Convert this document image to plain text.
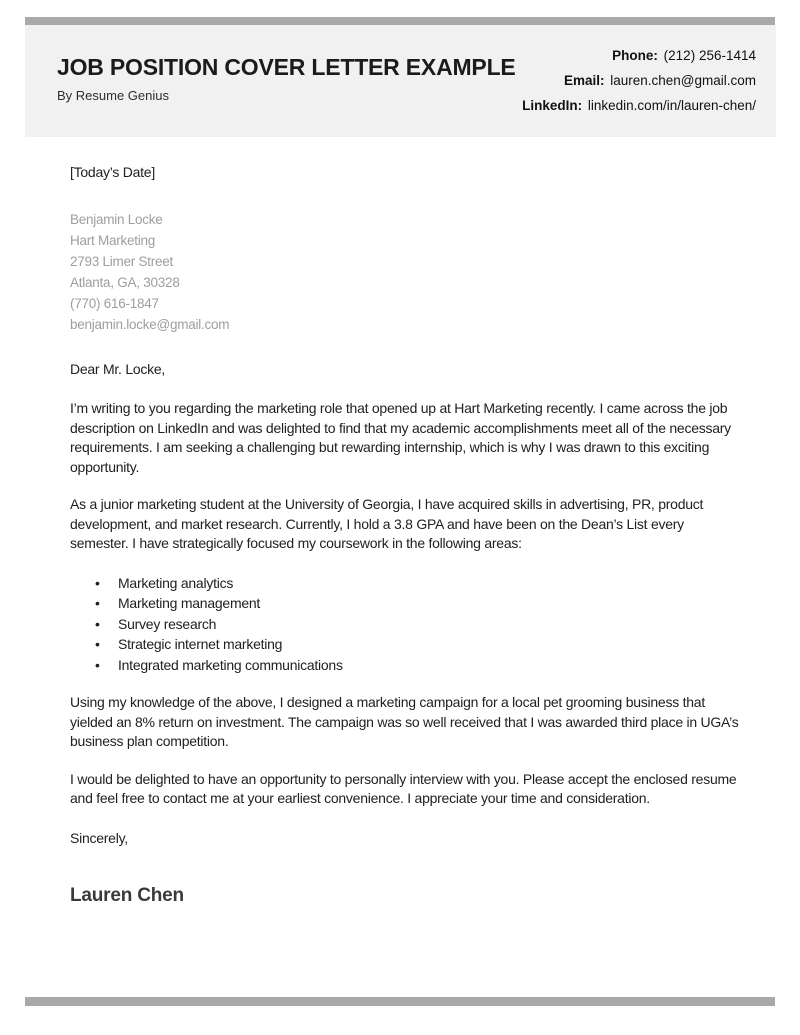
JOB POSITION COVER LETTER EXAMPLE
By Resume Genius
Phone: (212) 256-1414
Email: lauren.chen@gmail.com
LinkedIn: linkedin.com/in/lauren-chen/

[Today’s Date]

Benjamin Locke
Hart Marketing
2793 Limer Street
Atlanta, GA, 30328
(770) 616-1847
benjamin.locke@gmail.com

Dear Mr. Locke,

I’m writing to you regarding the marketing role that opened up at Hart Marketing recently. I came across the job description on LinkedIn and was delighted to find that my academic accomplishments meet all of the necessary requirements. I am seeking a challenging but rewarding internship, which is why I was drawn to this exciting opportunity.

As a junior marketing student at the University of Georgia, I have acquired skills in advertising, PR, product development, and market research. Currently, I hold a 3.8 GPA and have been on the Dean’s List every semester. I have strategically focused my coursework in the following areas:

• Marketing analytics
• Marketing management
• Survey research
• Strategic internet marketing
• Integrated marketing communications

Using my knowledge of the above, I designed a marketing campaign for a local pet grooming business that yielded an 8% return on investment. The campaign was so well received that I was awarded third place in UGA’s business plan competition.

I would be delighted to have an opportunity to personally interview with you. Please accept the enclosed resume and feel free to contact me at your earliest convenience. I appreciate your time and consideration.

Sincerely,

Lauren Chen
